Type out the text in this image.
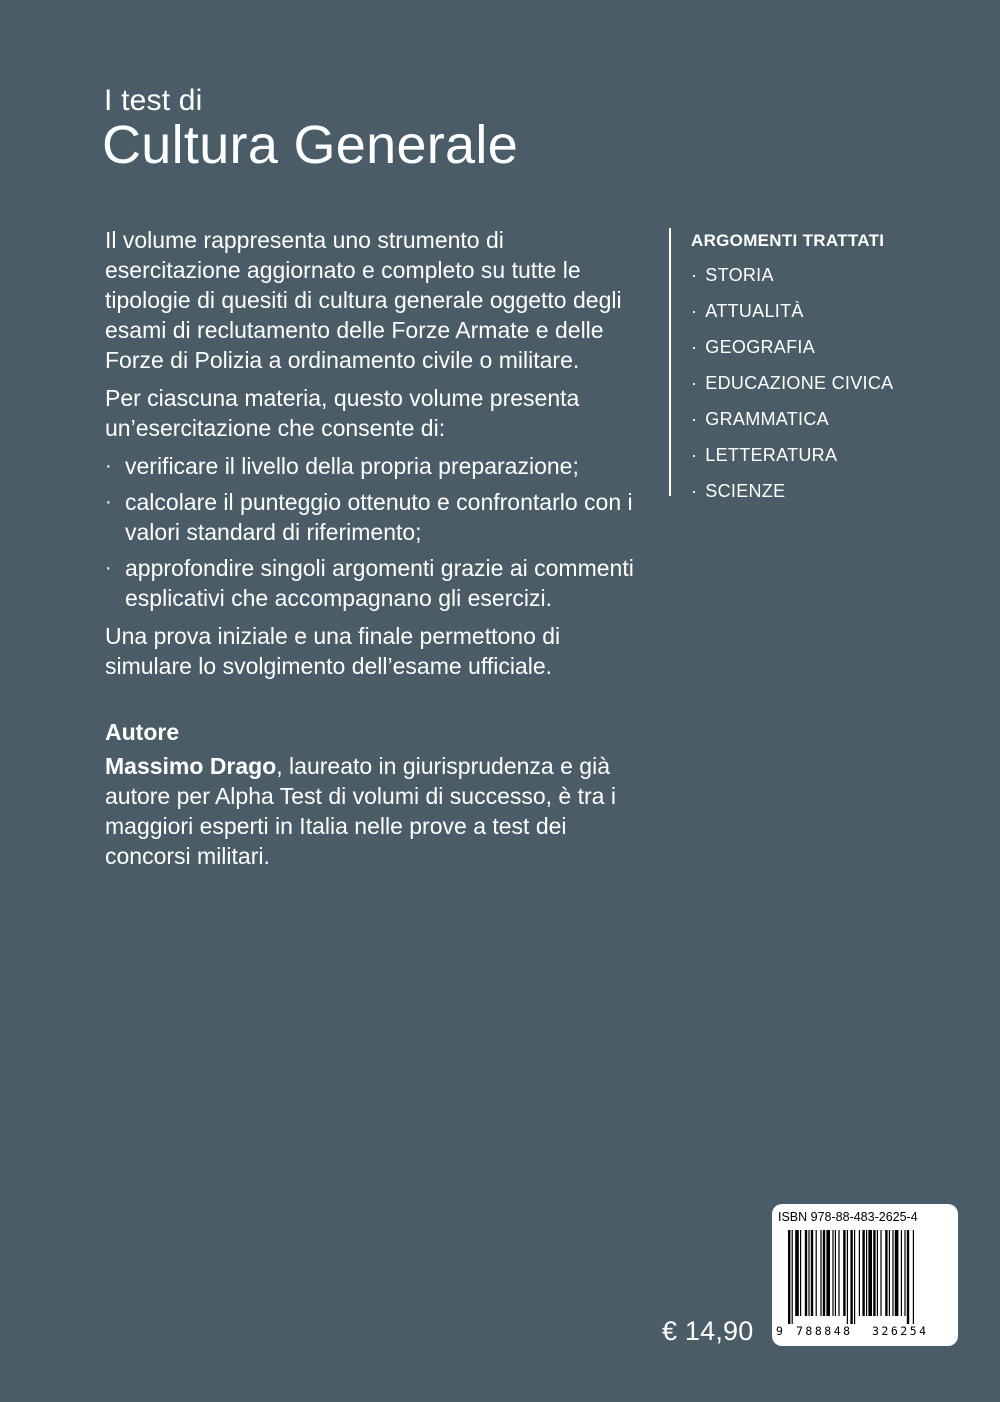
I test di
Cultura Generale

Il volume rappresenta uno strumento di esercitazione aggiornato e completo su tutte le tipologie di quesiti di cultura generale oggetto degli esami di reclutamento delle Forze Armate e delle Forze di Polizia a ordinamento civile o militare.

Per ciascuna materia, questo volume presenta un’esercitazione che consente di:

· verificare il livello della propria preparazione;
· calcolare il punteggio ottenuto e confrontarlo con i valori standard di riferimento;
· approfondire singoli argomenti grazie ai commenti esplicativi che accompagnano gli esercizi.

Una prova iniziale e una finale permettono di simulare lo svolgimento dell’esame ufficiale.

Autore

Massimo Drago, laureato in giurisprudenza e già autore per Alpha Test di volumi di successo, è tra i maggiori esperti in Italia nelle prove a test dei concorsi militari.

ARGOMENTI TRATTATI
· STORIA
· ATTUALITÀ
· GEOGRAFIA
· EDUCAZIONE CIVICA
· GRAMMATICA
· LETTERATURA
· SCIENZE
€ 14,90
ISBN 978-88-483-2625-4
9 788848 326254
